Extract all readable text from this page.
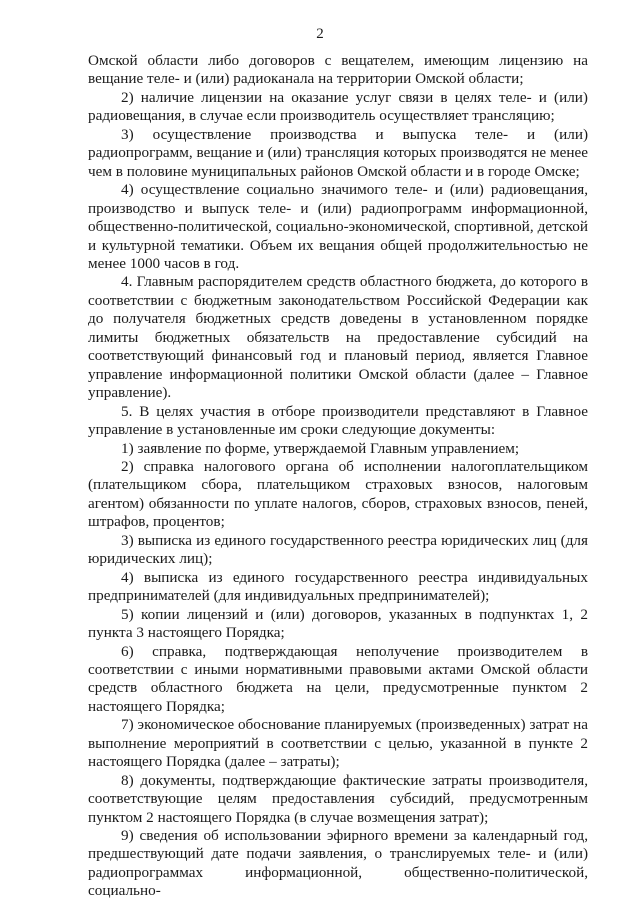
2

Омской области либо договоров с вещателем, имеющим лицензию на вещание теле- и (или) радиоканала на территории Омской области;

2) наличие лицензии на оказание услуг связи в целях теле- и (или) радиовещания, в случае если производитель осуществляет трансляцию;

3) осуществление производства и выпуска теле- и (или) радиопрограмм, вещание и (или) трансляция которых производятся не менее чем в половине муниципальных районов Омской области и в городе Омске;

4) осуществление социально значимого теле- и (или) радиовещания, производство и выпуск теле- и (или) радиопрограмм информационной, общественно-политической, социально-экономической, спортивной, детской и культурной тематики. Объем их вещания общей продолжительностью не менее 1000 часов в год.

4. Главным распорядителем средств областного бюджета, до которого в соответствии с бюджетным законодательством Российской Федерации как до получателя бюджетных средств доведены в установленном порядке лимиты бюджетных обязательств на предоставление субсидий на соответствующий финансовый год и плановый период, является Главное управление информационной политики Омской области (далее – Главное управление).

5. В целях участия в отборе производители представляют в Главное управление в установленные им сроки следующие документы:

1) заявление по форме, утверждаемой Главным управлением;

2) справка налогового органа об исполнении налогоплательщиком (плательщиком сбора, плательщиком страховых взносов, налоговым агентом) обязанности по уплате налогов, сборов, страховых взносов, пеней, штрафов, процентов;

3) выписка из единого государственного реестра юридических лиц (для юридических лиц);

4) выписка из единого государственного реестра индивидуальных предпринимателей (для индивидуальных предпринимателей);

5) копии лицензий и (или) договоров, указанных в подпунктах 1, 2 пункта 3 настоящего Порядка;

6) справка, подтверждающая неполучение производителем в соответствии с иными нормативными правовыми актами Омской области средств областного бюджета на цели, предусмотренные пунктом 2 настоящего Порядка;

7) экономическое обоснование планируемых (произведенных) затрат на выполнение мероприятий в соответствии с целью, указанной в пункте 2 настоящего Порядка (далее – затраты);

8) документы, подтверждающие фактические затраты производителя, соответствующие целям предоставления субсидий, предусмотренным пунктом 2 настоящего Порядка (в случае возмещения затрат);

9) сведения об использовании эфирного времени за календарный год, предшествующий дате подачи заявления, о транслируемых теле- и (или) радиопрограммах информационной, общественно-политической, социально-
